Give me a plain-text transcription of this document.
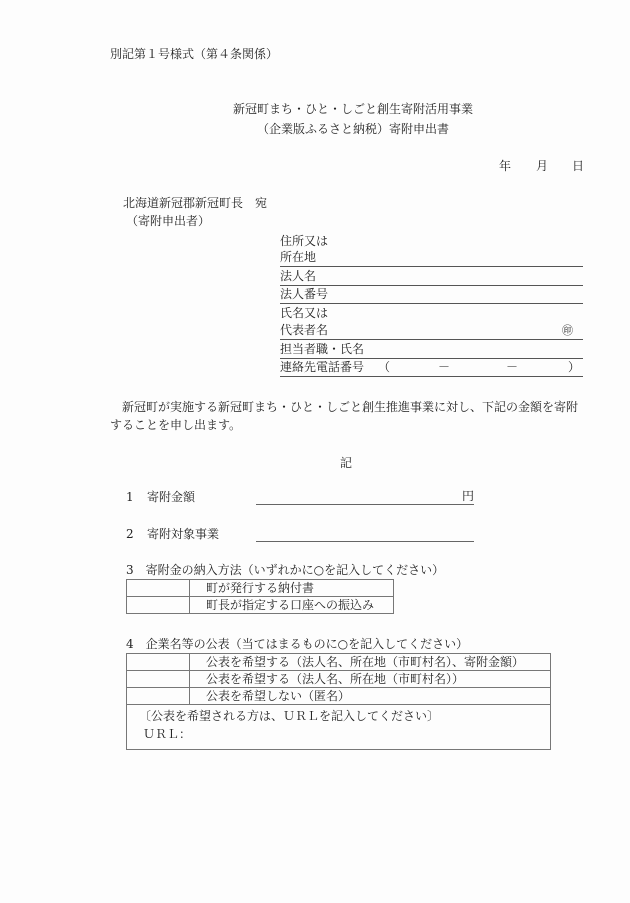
別記第１号様式（第４条関係）
新冠町まち・ひと・しごと創生寄附活用事業
（企業版ふるさと納税）寄附申出書
年 月 日
北海道新冠郡新冠町長　宛
（寄附申出者）
住所又は
所在地
法人名
法人番号
氏名又は
代表者名	㊞
担当者職・氏名
連絡先電話番号 （	－	－	）
　新冠町が実施する新冠町まち・ひと・しごと創生推進事業に対し、下記の金額を寄附
することを申し出ます。
記
1 寄附金額	円
2 寄附対象事業
3　寄附金の納入方法（いずれかに○を記入してください）
	町が発行する納付書
	町長が指定する口座への振込み
4　企業名等の公表（当てはまるものに○を記入してください）
	公表を希望する（法人名、所在地（市町村名）、寄附金額）
	公表を希望する（法人名、所在地（市町村名））
	公表を希望しない（匿名）

〔公表を希望される方は、ＵＲＬを記入してください〕
ＵＲＬ：	
